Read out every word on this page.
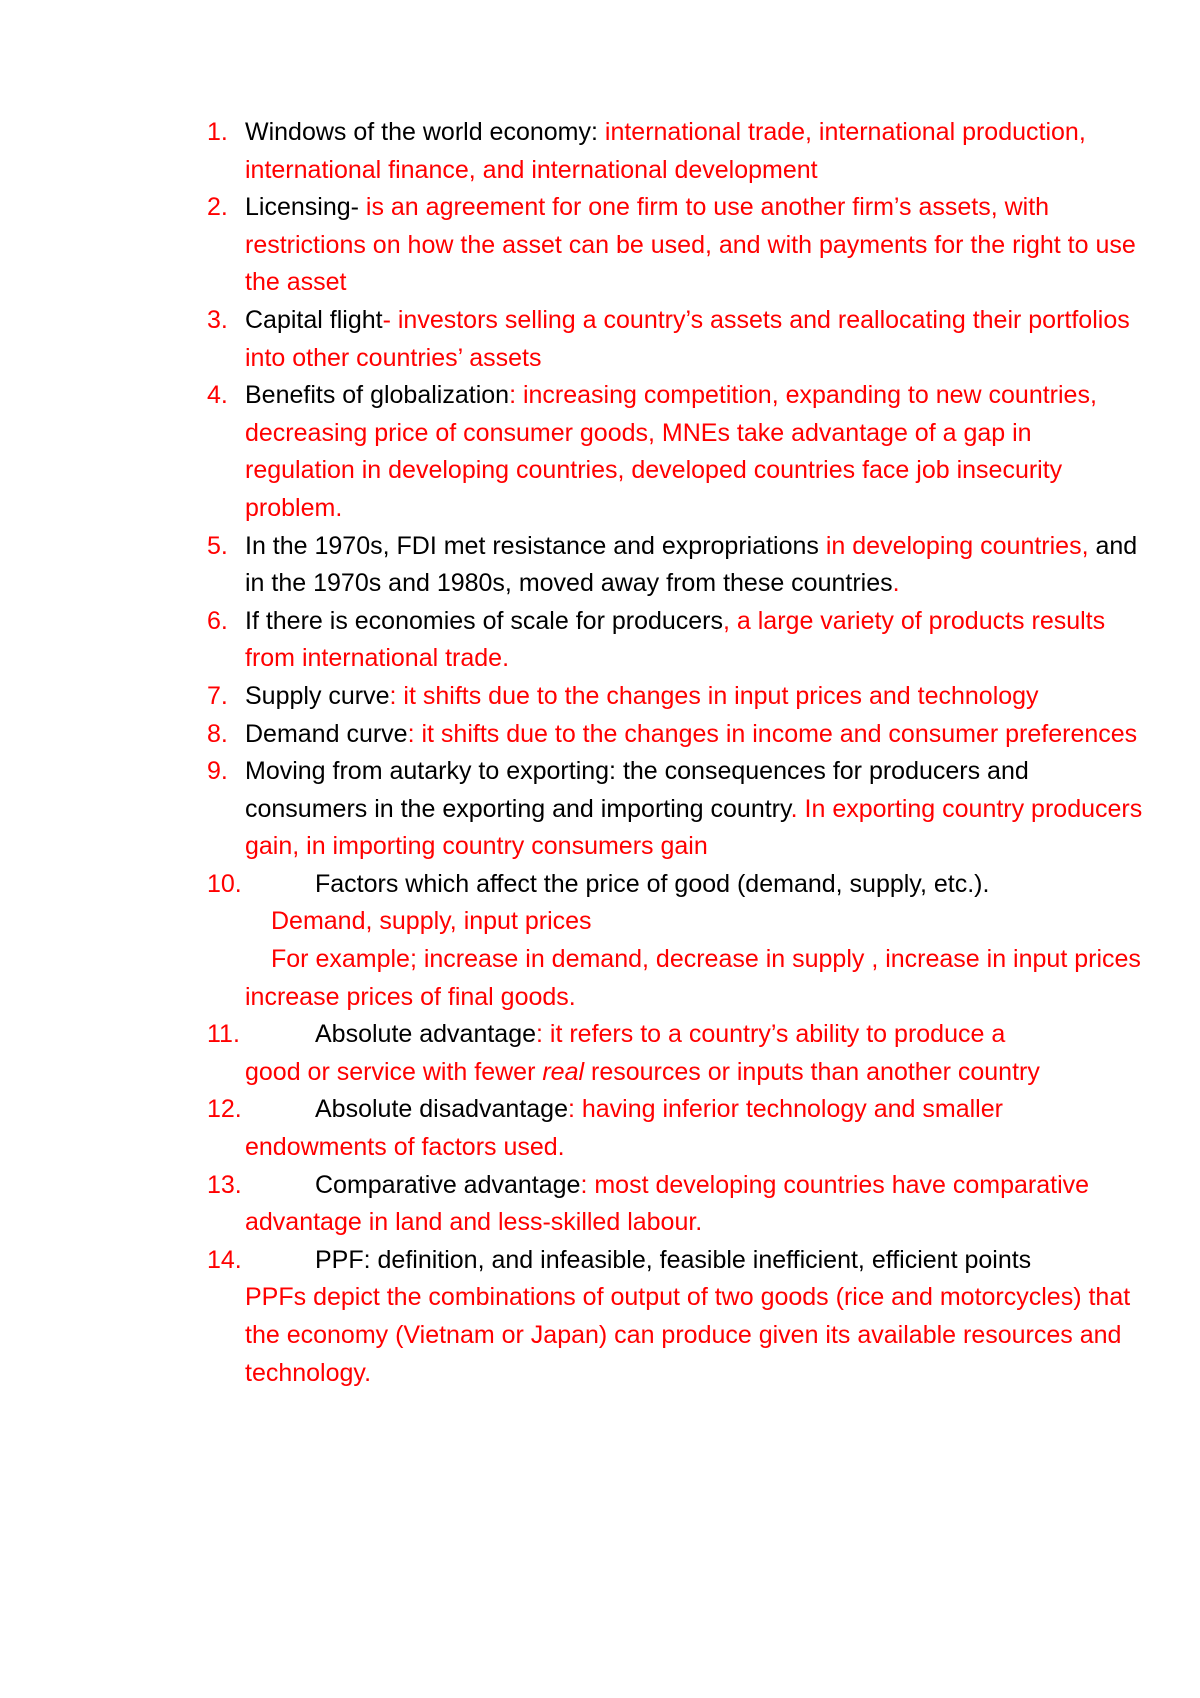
1. Windows of the world economy: international trade, international production, international finance, and international development
2. Licensing- is an agreement for one firm to use another firm’s assets, with restrictions on how the asset can be used, and with payments for the right to use the asset
3. Capital flight- investors selling a country’s assets and reallocating their portfolios into other countries’ assets
4. Benefits of globalization: increasing competition, expanding to new countries, decreasing price of consumer goods, MNEs take advantage of a gap in regulation in developing countries, developed countries face job insecurity problem.
5. In the 1970s, FDI met resistance and expropriations in developing countries, and in the 1970s and 1980s, moved away from these countries.
6. If there is economies of scale for producers, a large variety of products results from international trade.
7. Supply curve: it shifts due to the changes in input prices and technology
8. Demand curve: it shifts due to the changes in income and consumer preferences
9. Moving from autarky to exporting: the consequences for producers and consumers in the exporting and importing country. In exporting country producers gain, in importing country consumers gain
10.	Factors which affect the price of good (demand, supply, etc.).
Demand, supply, input prices
For example; increase in demand, decrease in supply , increase in input prices increase prices of final goods.
11.	Absolute advantage: it refers to a country’s ability to produce a
good or service with fewer real resources or inputs than another country
12.	Absolute disadvantage: having inferior technology and smaller endowments of factors used.
13.	Comparative advantage: most developing countries have comparative advantage in land and less-skilled labour.
14.	PPF: definition, and infeasible, feasible inefficient, efficient points
PPFs depict the combinations of output of two goods (rice and motorcycles) that the economy (Vietnam or Japan) can produce given its available resources and technology.
